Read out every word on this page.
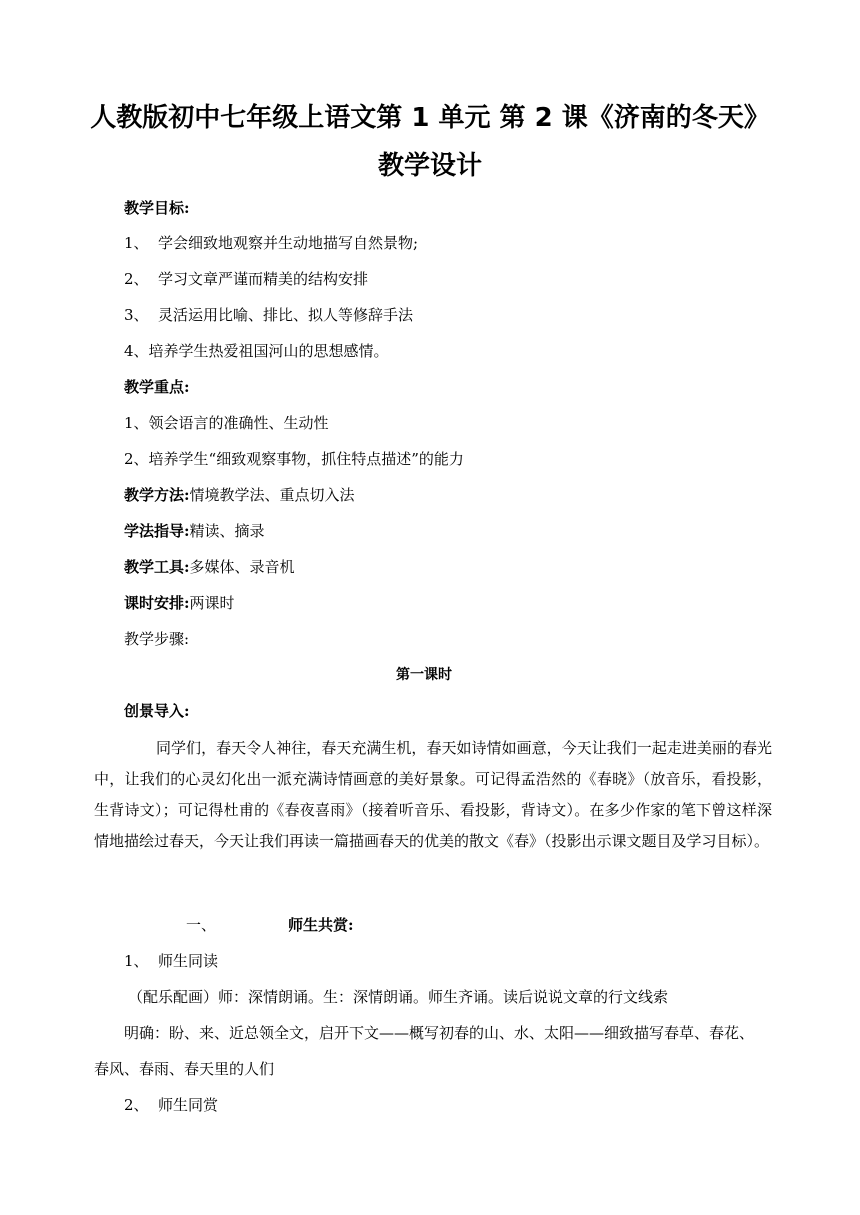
人教版初中七年级上语文第 1 单元 第 2 课《济南的冬天》
教学设计
教学目标:
1、 学会细致地观察并生动地描写自然景物;
2、 学习文章严谨而精美的结构安排
3、 灵活运用比喻、排比、拟人等修辞手法
4、培养学生热爱祖国河山的思想感情。
教学重点:
1、领会语言的准确性、生动性
2、培养学生“细致观察事物，抓住特点描述”的能力
教学方法:情境教学法、重点切入法
学法指导:精读、摘录
教学工具:多媒体、录音机
课时安排:两课时
教学步骤:
第一课时
创景导入:
同学们，春天令人神往，春天充满生机，春天如诗情如画意，今天让我们一起走进美丽的春光中，让我们的心灵幻化出一派充满诗情画意的美好景象。可记得孟浩然的《春晓》（放音乐，看投影，生背诗文）；可记得杜甫的《春夜喜雨》（接着听音乐、看投影，背诗文）。在多少作家的笔下曾这样深情地描绘过春天，今天让我们再读一篇描画春天的优美的散文《春》（投影出示课文题目及学习目标）。
一、	师生共赏:
1、 师生同读
（配乐配画）师：深情朗诵。生：深情朗诵。师生齐诵。读后说说文章的行文线索
明确：盼、来、近总领全文，启开下文——概写初春的山、水、太阳——细致描写春草、春花、
春风、春雨、春天里的人们
2、 师生同赏
